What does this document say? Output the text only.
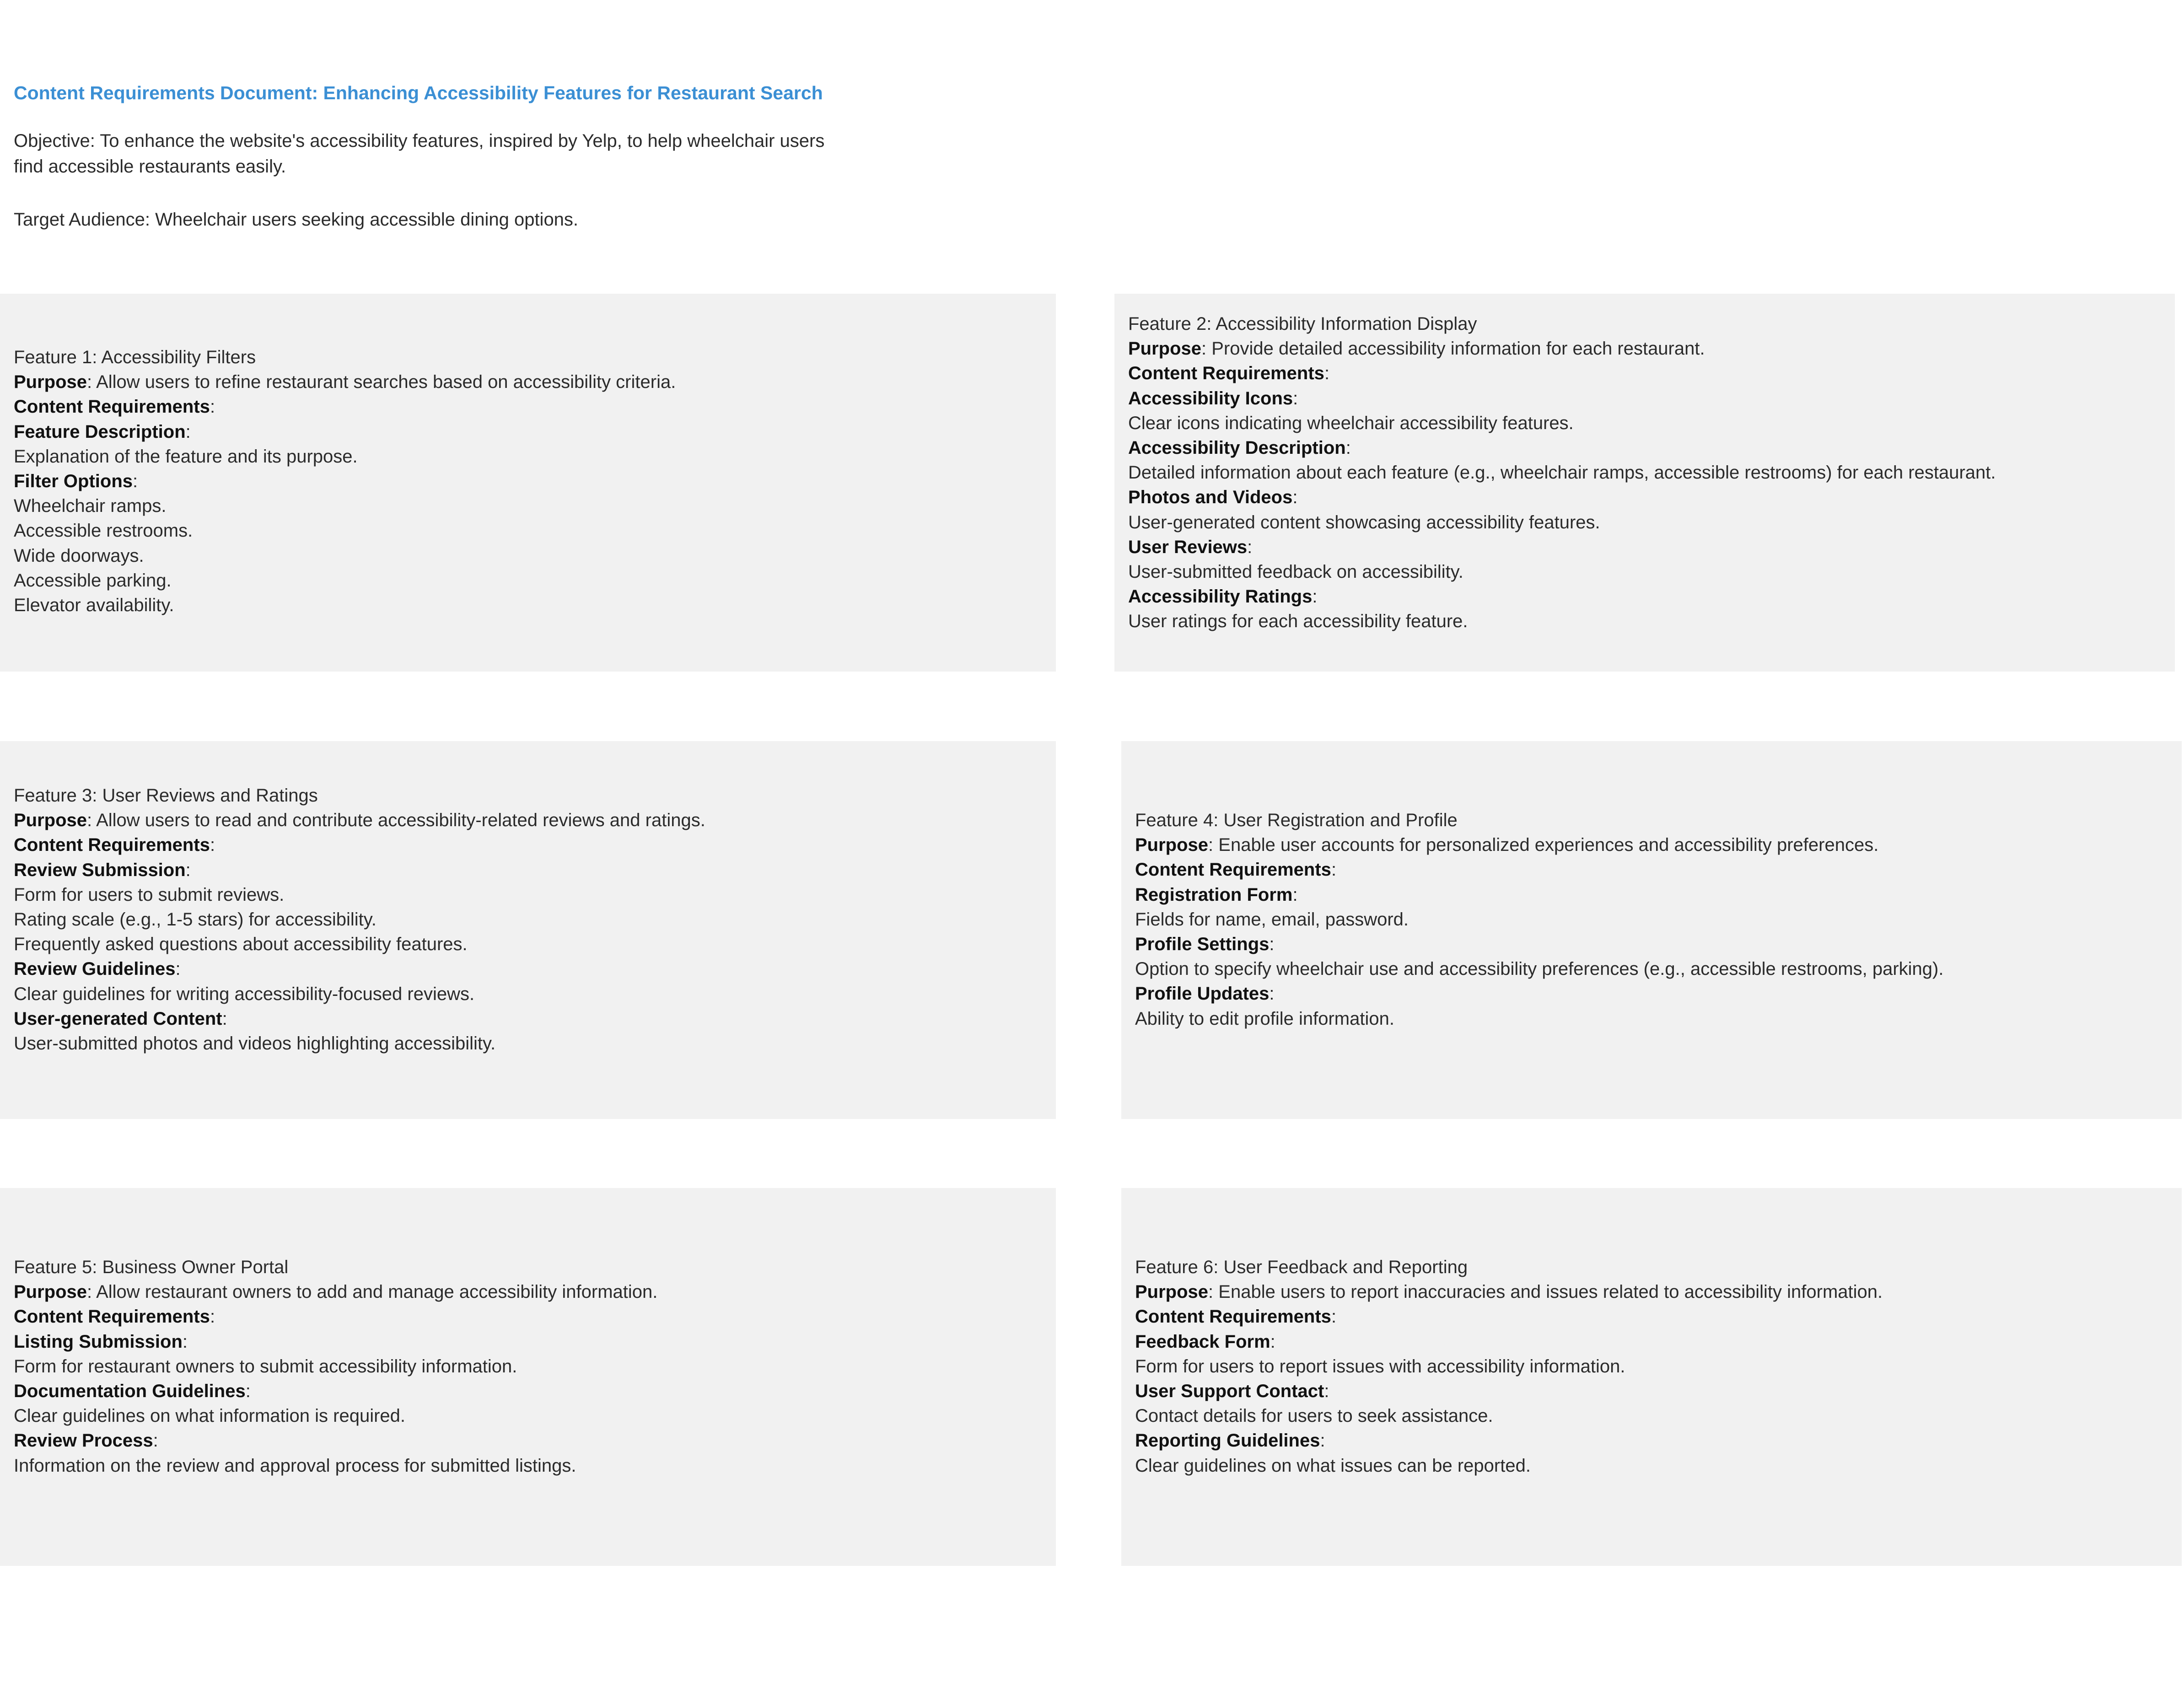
Content Requirements Document: Enhancing Accessibility Features for Restaurant Search
Objective: To enhance the website's accessibility features, inspired by Yelp, to help wheelchair users find accessible restaurants easily.
Target Audience: Wheelchair users seeking accessible dining options.
Feature 1: Accessibility Filters
Purpose: Allow users to refine restaurant searches based on accessibility criteria.
Content Requirements:
Feature Description:
Explanation of the feature and its purpose.
Filter Options:
Wheelchair ramps.
Accessible restrooms.
Wide doorways.
Accessible parking.
Elevator availability.
Feature 2: Accessibility Information Display
Purpose: Provide detailed accessibility information for each restaurant.
Content Requirements:
Accessibility Icons:
Clear icons indicating wheelchair accessibility features.
Accessibility Description:
Detailed information about each feature (e.g., wheelchair ramps, accessible restrooms) for each restaurant.
Photos and Videos:
User-generated content showcasing accessibility features.
User Reviews:
User-submitted feedback on accessibility.
Accessibility Ratings:
User ratings for each accessibility feature.
Feature 3: User Reviews and Ratings
Purpose: Allow users to read and contribute accessibility-related reviews and ratings.
Content Requirements:
Review Submission:
Form for users to submit reviews.
Rating scale (e.g., 1-5 stars) for accessibility.
Frequently asked questions about accessibility features.
Review Guidelines:
Clear guidelines for writing accessibility-focused reviews.
User-generated Content:
User-submitted photos and videos highlighting accessibility.
Feature 4: User Registration and Profile
Purpose: Enable user accounts for personalized experiences and accessibility preferences.
Content Requirements:
Registration Form:
Fields for name, email, password.
Profile Settings:
Option to specify wheelchair use and accessibility preferences (e.g., accessible restrooms, parking).
Profile Updates:
Ability to edit profile information.
Feature 5: Business Owner Portal
Purpose: Allow restaurant owners to add and manage accessibility information.
Content Requirements:
Listing Submission:
Form for restaurant owners to submit accessibility information.
Documentation Guidelines:
Clear guidelines on what information is required.
Review Process:
Information on the review and approval process for submitted listings.
Feature 6: User Feedback and Reporting
Purpose: Enable users to report inaccuracies and issues related to accessibility information.
Content Requirements:
Feedback Form:
Form for users to report issues with accessibility information.
User Support Contact:
Contact details for users to seek assistance.
Reporting Guidelines:
Clear guidelines on what issues can be reported.
